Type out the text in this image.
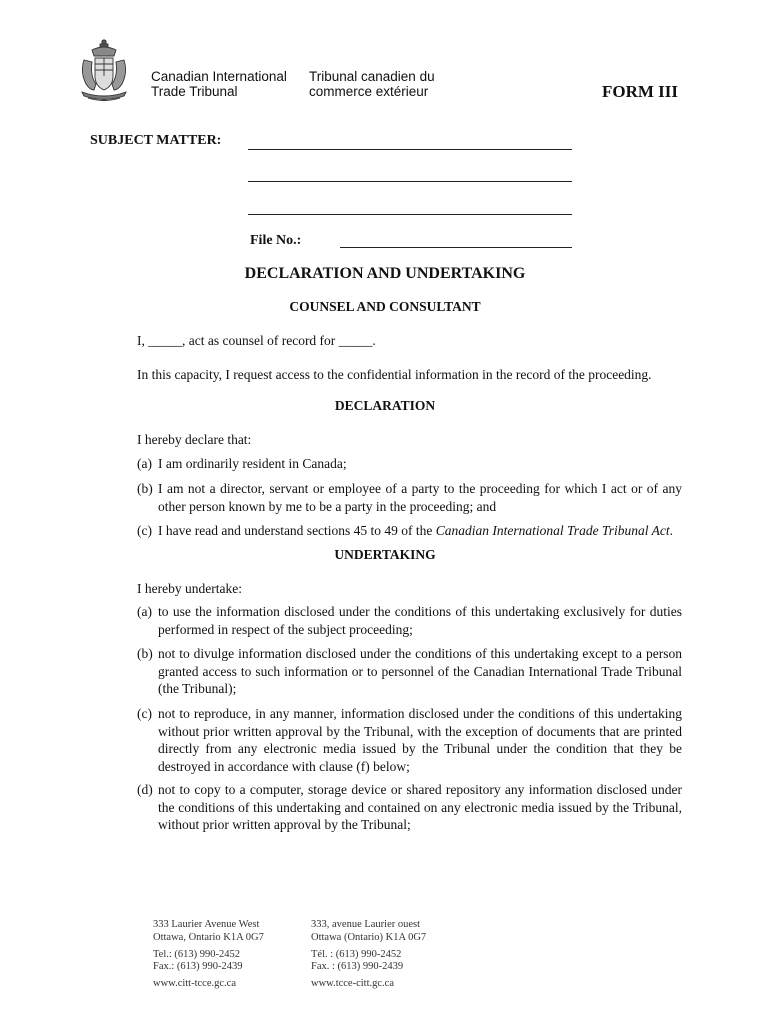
Canadian International
Trade Tribunal
Tribunal canadien du
commerce extérieur	FORM III
SUBJECT MATTER:
File No.:
DECLARATION AND UNDERTAKING
COUNSEL AND CONSULTANT
I, _____, act as counsel of record for _____.
In this capacity, I request access to the confidential information in the record of the proceeding.
DECLARATION
I hereby declare that:
(a) I am ordinarily resident in Canada;
(b) I am not a director, servant or employee of a party to the proceeding for which I act or of any other person known by me to be a party in the proceeding; and
(c) I have read and understand sections 45 to 49 of the Canadian International Trade Tribunal Act.
UNDERTAKING
I hereby undertake:
(a) to use the information disclosed under the conditions of this undertaking exclusively for duties performed in respect of the subject proceeding;
(b) not to divulge information disclosed under the conditions of this undertaking except to a person granted access to such information or to personnel of the Canadian International Trade Tribunal (the Tribunal);
(c) not to reproduce, in any manner, information disclosed under the conditions of this undertaking without prior written approval by the Tribunal, with the exception of documents that are printed directly from any electronic media issued by the Tribunal under the condition that they be destroyed in accordance with clause (f) below;
(d) not to copy to a computer, storage device or shared repository any information disclosed under the conditions of this undertaking and contained on any electronic media issued by the Tribunal, without prior written approval by the Tribunal;
333 Laurier Avenue West
Ottawa, Ontario K1A 0G7
Tel.: (613) 990-2452
Fax.: (613) 990-2439
www.citt-tcce.gc.ca
333, avenue Laurier ouest
Ottawa (Ontario) K1A 0G7
Tél. : (613) 990-2452
Fax. : (613) 990-2439
www.tcce-citt.gc.ca
